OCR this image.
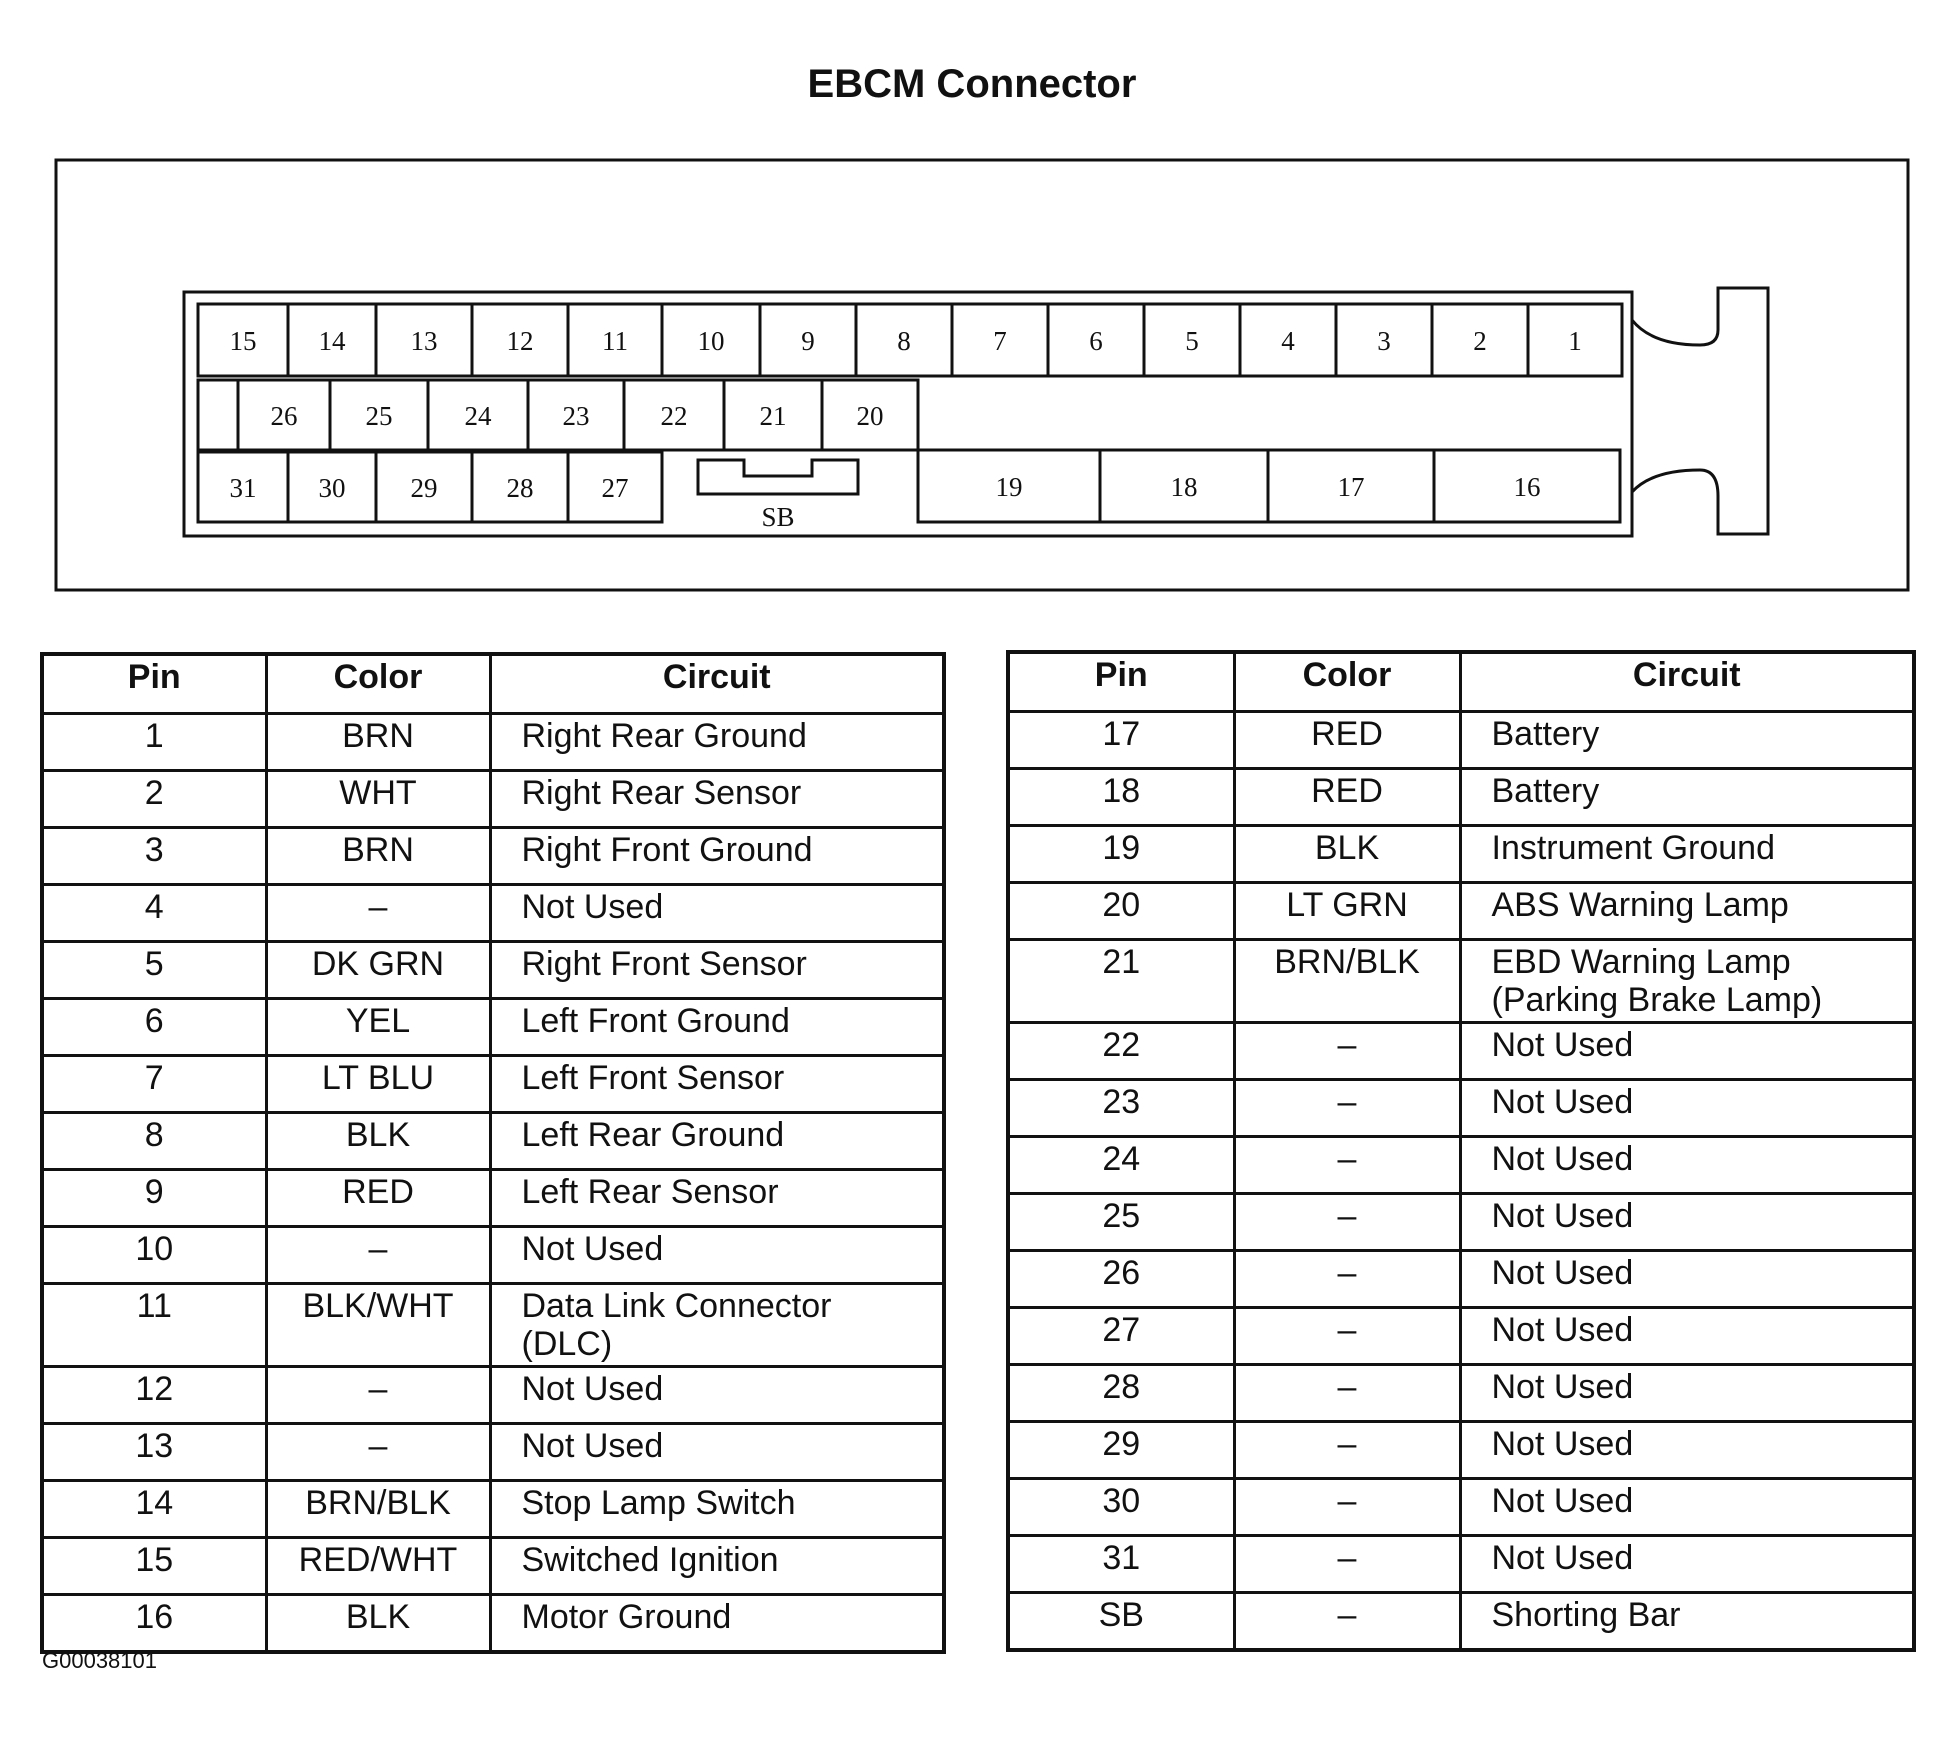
EBCM Connector
15 14 13	12	11	10	9	8	7	6	5	4	3	2	1
26	25	24	23	22	21	20
31 30 29	28	27	19	18	17	16
SB
Pin	Color	Circuit
1	BRN	Right Rear Ground

2	WHT	Right Rear Sensor

3	BRN	Right Front Ground

4	–	Not Used

5	DK GRN	Right Front Sensor

6	YEL	Left Front Ground

7	LT BLU	Left Front Sensor

8	BLK	Left Rear Ground

9	RED	Left Rear Sensor

10	–	Not Used

11	BLK/WHT	Data Link Connector
(DLC)

12	–	Not Used

13	–	Not Used

14	BRN/BLK	Stop Lamp Switch

15	RED/WHT	Switched Ignition

16	BLK	Motor Ground
Pin	Color	Circuit
17	RED	Battery

18	RED	Battery

19	BLK	Instrument Ground

20	LT GRN	ABS Warning Lamp

21	BRN/BLK	EBD Warning Lamp
(Parking Brake Lamp)

22	–	Not Used

23	–	Not Used

24	–	Not Used

25	–	Not Used

26	–	Not Used

27	–	Not Used

28	–	Not Used

29	–	Not Used

30	–	Not Used

31	–	Not Used

SB	–	Shorting Bar
G00038101
